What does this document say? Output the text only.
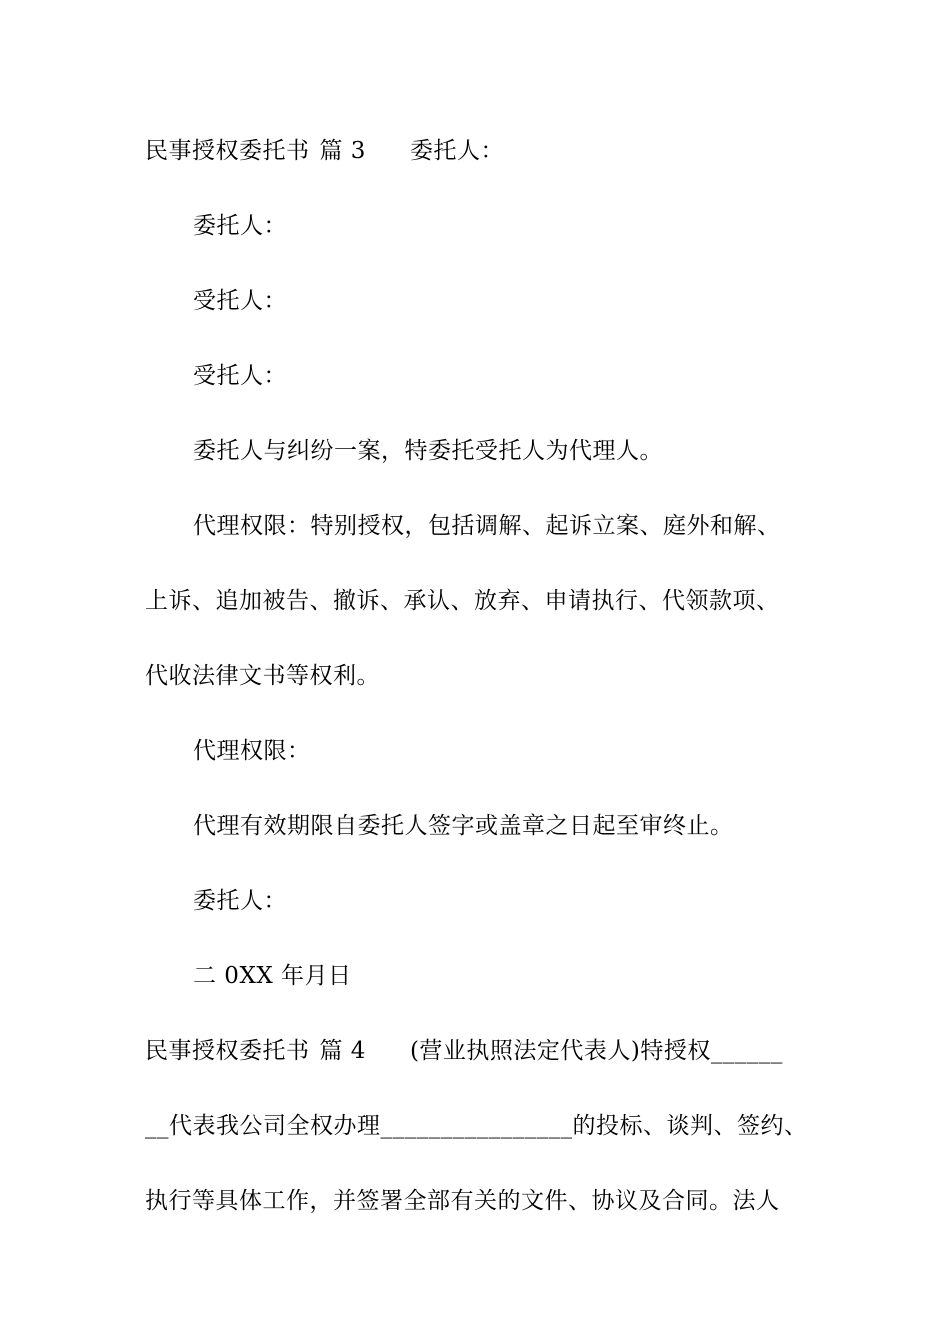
民事授权委托书 篇 3 委托人：
委托人：
受托人：
受托人：
委托人与纠纷一案，特委托受托人为代理人。
代理权限：特别授权，包括调解、起诉立案、庭外和解、
上诉、追加被告、撤诉、承认、放弃、申请执行、代领款项、
代收法律文书等权利。
代理权限：
代理有效期限自委托人签字或盖章之日起至审终止。
委托人：
二 0XX 年月日
民事授权委托书 篇 4 (营业执照法定代表人)特授权______
__代表我公司全权办理________________的投标、谈判、签约、
执行等具体工作，并签署全部有关的文件、协议及合同。法人
